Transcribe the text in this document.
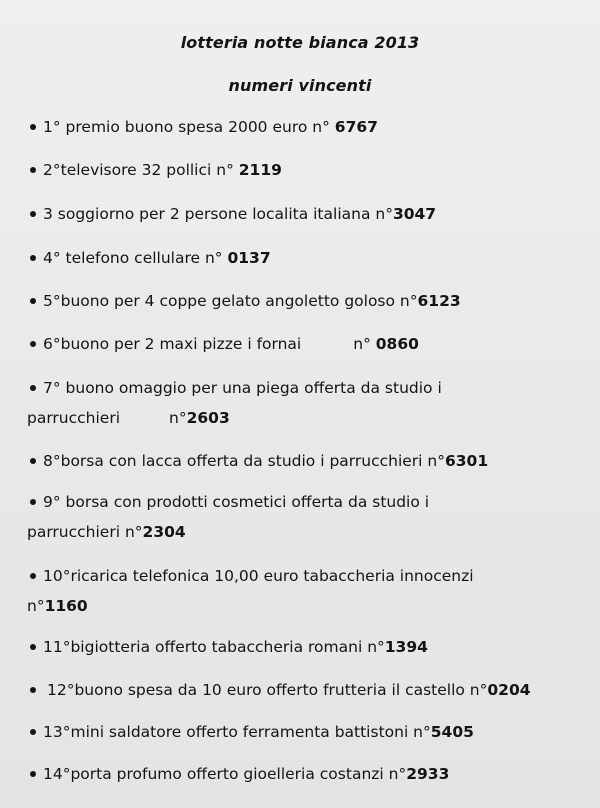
lotteria notte bianca 2013
numeri vincenti
1° premio buono spesa 2000 euro n° 6767
2°televisore 32 pollici n° 2119
3 soggiorno per 2 persone localita italiana n°3047
4° telefono cellulare n° 0137
5°buono per 4 coppe gelato angoletto goloso n°6123
6°buono per 2 maxi pizze i fornai	n° 0860
7° buono omaggio per una piega offerta da studio i
parrucchieri	n°2603
8°borsa con lacca offerta da studio i parrucchieri n°6301
9° borsa con prodotti cosmetici offerta da studio i
parrucchieri n°2304
10°ricarica telefonica 10,00 euro tabaccheria innocenzi
n°1160
11°bigiotteria offerto tabaccheria romani n°1394
12°buono spesa da 10 euro offerto frutteria il castello n°0204
13°mini saldatore offerto ferramenta battistoni n°5405
14°porta profumo offerto gioelleria costanzi n°2933
